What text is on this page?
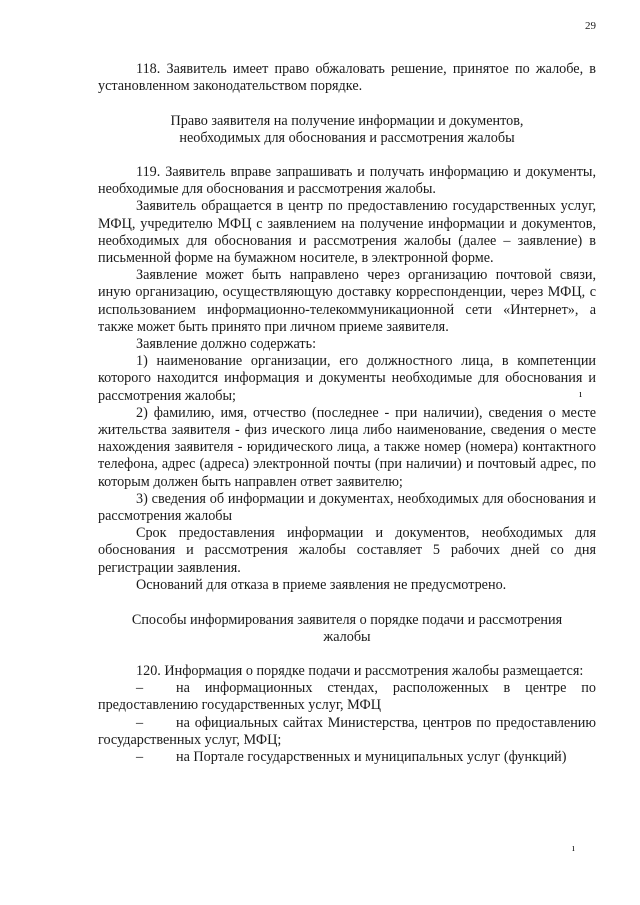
29

118. Заявитель имеет право обжаловать решение, принятое по жалобе, в установленном законодательством порядке.

Право заявителя на получение информации и документов,

необходимых для обоснования и рассмотрения жалобы

119. Заявитель вправе запрашивать и получать информацию и документы, необходимые для обоснования и рассмотрения жалобы.

Заявитель обращается в центр по предоставлению государственных услуг, МФЦ, учредителю МФЦ с заявлением на получение информации и документов, необходимых для обоснования и рассмотрения жалобы (далее – заявление) в письменной форме на бумажном носителе, в электронной форме.

Заявление может быть направлено через организацию почтовой связи, иную организацию, осуществляющую доставку корреспонденции, через МФЦ, с использованием информационно-телекоммуникационной сети «Интернет», а также может быть принято при личном приеме заявителя.

Заявление должно содержать:

1) наименование организации, его должностного лица, в компетенции которого находится информация и документы необходимые для обоснования и рассмотрения жалобы;

2) фамилию, имя, отчество (последнее - при наличии), сведения о месте жительства заявителя - физ ического лица либо наименование, сведения о месте нахождения заявителя - юридического лица, а также номер (номера) контактного телефона, адрес (адреса) электронной почты (при наличии) и почтовый адрес, по которым должен быть направлен ответ заявителю;

3) сведения об информации и документах, необходимых для обоснования и рассмотрения жалобы

Срок предоставления информации и документов, необходимых для обоснования и рассмотрения жалобы составляет 5 рабочих дней со дня регистрации заявления.

Оснований для отказа в приеме заявления не предусмотрено.

ı

Способы информирования заявителя о порядке подачи и рассмотрения

жалобы

120. Информация о порядке подачи и рассмотрения жалобы размещается:

– на информационных стендах, расположенных в центре по предоставлению государственных услуг, МФЦ

– на официальных сайтах Министерства, центров по предоставлению государственных услуг, МФЦ;

– на Портале государственных и муниципальных услуг (функций)

ı
